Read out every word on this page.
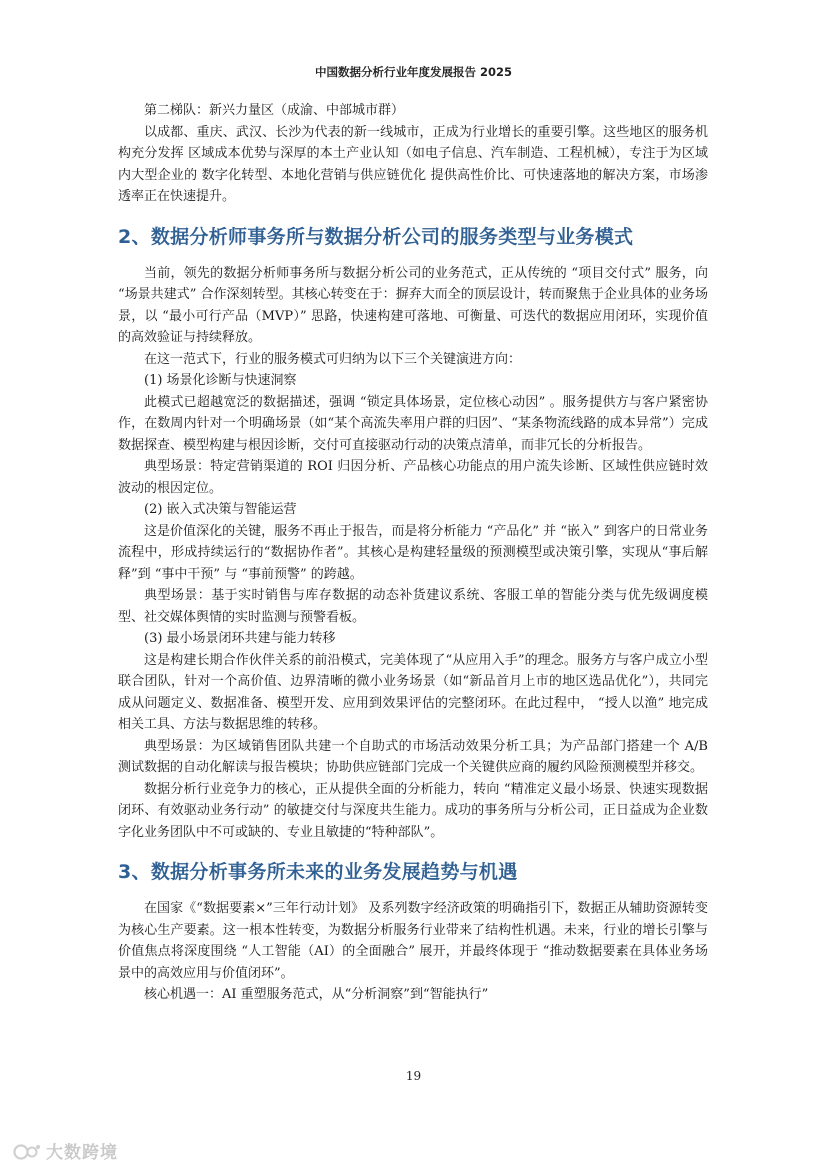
中国数据分析行业年度发展报告 2025

第二梯队：新兴力量区（成渝、中部城市群）

以成都、重庆、武汉、长沙为代表的新一线城市，正成为行业增长的重要引擎。这些地区的服务机构充分发挥 区域成本优势与深厚的本土产业认知（如电子信息、汽车制造、工程机械），专注于为区域内大型企业的 数字化转型、本地化营销与供应链优化 提供高性价比、可快速落地的解决方案，市场渗透率正在快速提升。

2、数据分析师事务所与数据分析公司的服务类型与业务模式

当前，领先的数据分析师事务所与数据分析公司的业务范式，正从传统的 “项目交付式” 服务，向 “场景共建式” 合作深刻转型。其核心转变在于：摒弃大而全的顶层设计，转而聚焦于企业具体的业务场景，以 “最小可行产品（MVP）” 思路，快速构建可落地、可衡量、可迭代的数据应用闭环，实现价值的高效验证与持续释放。

在这一范式下，行业的服务模式可归纳为以下三个关键演进方向：

(1) 场景化诊断与快速洞察

此模式已超越宽泛的数据描述，强调 “锁定具体场景，定位核心动因” 。服务提供方与客户紧密协作，在数周内针对一个明确场景（如“某个高流失率用户群的归因”、“某条物流线路的成本异常”）完成数据探查、模型构建与根因诊断，交付可直接驱动行动的决策点清单，而非冗长的分析报告。

典型场景：特定营销渠道的 ROI 归因分析、产品核心功能点的用户流失诊断、区域性供应链时效波动的根因定位。

(2) 嵌入式决策与智能运营

这是价值深化的关键，服务不再止于报告，而是将分析能力 “产品化” 并 “嵌入” 到客户的日常业务流程中，形成持续运行的“数据协作者”。其核心是构建轻量级的预测模型或决策引擎，实现从“事后解释”到 “事中干预” 与 “事前预警” 的跨越。

典型场景：基于实时销售与库存数据的动态补货建议系统、客服工单的智能分类与优先级调度模型、社交媒体舆情的实时监测与预警看板。

(3) 最小场景闭环共建与能力转移

这是构建长期合作伙伴关系的前沿模式，完美体现了“从应用入手”的理念。服务方与客户成立小型联合团队，针对一个高价值、边界清晰的微小业务场景（如“新品首月上市的地区选品优化”），共同完成从问题定义、数据准备、模型开发、应用到效果评估的完整闭环。在此过程中， “授人以渔” 地完成相关工具、方法与数据思维的转移。

典型场景：为区域销售团队共建一个自助式的市场活动效果分析工具；为产品部门搭建一个 A/B 测试数据的自动化解读与报告模块；协助供应链部门完成一个关键供应商的履约风险预测模型并移交。

数据分析行业竞争力的核心，正从提供全面的分析能力，转向 “精准定义最小场景、快速实现数据闭环、有效驱动业务行动” 的敏捷交付与深度共生能力。成功的事务所与分析公司，正日益成为企业数字化业务团队中不可或缺的、专业且敏捷的“特种部队”。

3、数据分析事务所未来的业务发展趋势与机遇

在国家《“数据要素×”三年行动计划》 及系列数字经济政策的明确指引下，数据正从辅助资源转变为核心生产要素。这一根本性转变，为数据分析服务行业带来了结构性机遇。未来，行业的增长引擎与价值焦点将深度围绕 “人工智能（AI）的全面融合” 展开，并最终体现于 “推动数据要素在具体业务场景中的高效应用与价值闭环”。

核心机遇一：AI 重塑服务范式，从“分析洞察”到“智能执行”

19
大数跨境
